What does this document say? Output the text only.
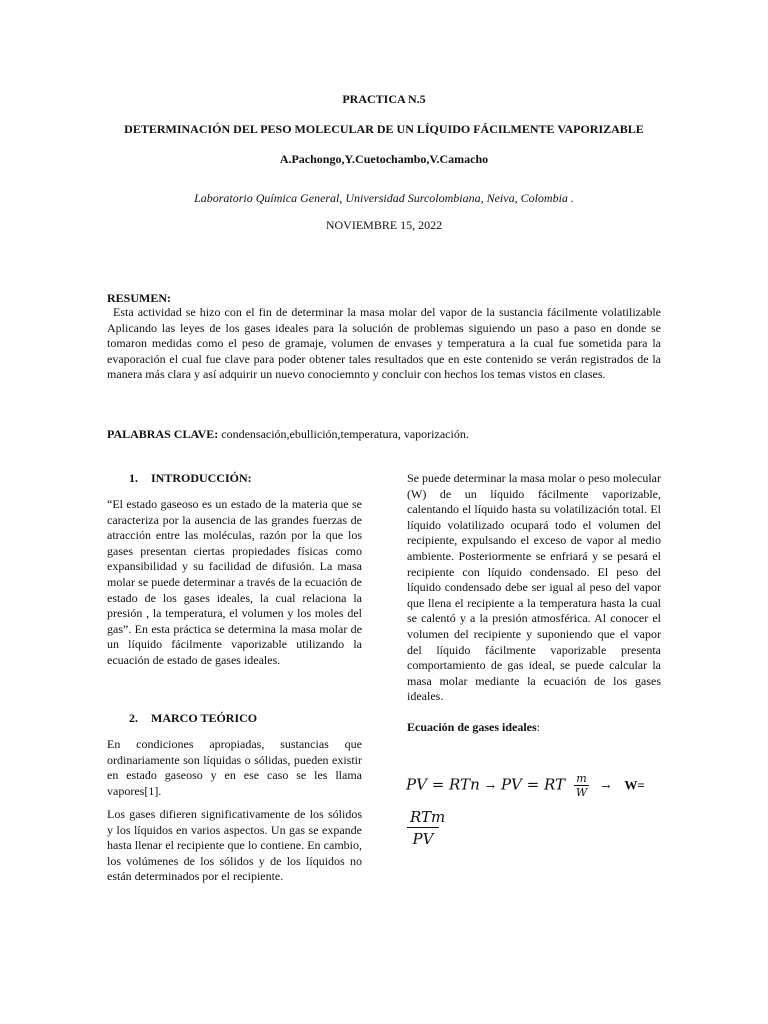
PRACTICA N.5
DETERMINACIÓN DEL PESO MOLECULAR DE UN LÍQUIDO FÁCILMENTE VAPORIZABLE
A.Pachongo,Y.Cuetochambo,V.Camacho
Laboratorio Química General, Universidad Surcolombiana, Neiva, Colombia .
NOVIEMBRE 15, 2022
RESUMEN:
Esta actividad se hizo con el fin de determinar la masa molar del vapor de la sustancia fácilmente volatilizable Aplicando las leyes de los gases ideales para la solución de problemas siguiendo un paso a paso en donde se tomaron medidas como el peso de gramaje, volumen de envases y temperatura a la cual fue sometida para la evaporación el cual fue clave para poder obtener tales resultados que en este contenido se verán registrados de la manera más clara y así adquirir un nuevo conociemnto y concluir con hechos los temas vistos en clases.
PALABRAS CLAVE: condensación,ebullición,temperatura, vaporización.
1. INTRODUCCIÓN:
“El estado gaseoso es un estado de la materia que se caracteriza por la ausencia de las grandes fuerzas de atracción entre las moléculas, razón por la que los gases presentan ciertas propiedades físicas como expansibilidad y su facilidad de difusión. La masa molar se puede determinar a través de la ecuación de estado de los gases ideales, la cual relaciona la presión , la temperatura, el volumen y los moles del gas”. En esta práctica se determina la masa molar de un líquido fácilmente vaporizable utilizando la ecuación de estado de gases ideales.
2. MARCO TEÓRICO
En condiciones apropiadas, sustancias que ordinariamente son líquidas o sólidas, pueden existir en estado gaseoso y en ese caso se les llama vapores[1].
Los gases difieren significativamente de los sólidos y los líquidos en varios aspectos. Un gas se expande hasta llenar el recipiente que lo contiene. En cambio, los volúmenes de los sólidos y de los líquidos no están determinados por el recipiente.
Se puede determinar la masa molar o peso molecular (W) de un líquido fácilmente vaporizable, calentando el líquido hasta su volatilización total. El líquido volatilizado ocupará todo el volumen del recipiente, expulsando el exceso de vapor al medio ambiente. Posteriormente se enfriará y se pesará el recipiente con líquido condensado. El peso del líquido condensado debe ser igual al peso del vapor que llena el recipiente a la temperatura hasta la cual se calentó y a la presión atmosférica. Al conocer el volumen del recipiente y suponiendo que el vapor del líquido fácilmente vaporizable presenta comportamiento de gas ideal, se puede calcular la masa molar mediante la ecuación de los gases ideales.
Ecuación de gases ideales:
PV = RTn → PV = RT $\frac{m}{W} \to W=$
RTm
PV
